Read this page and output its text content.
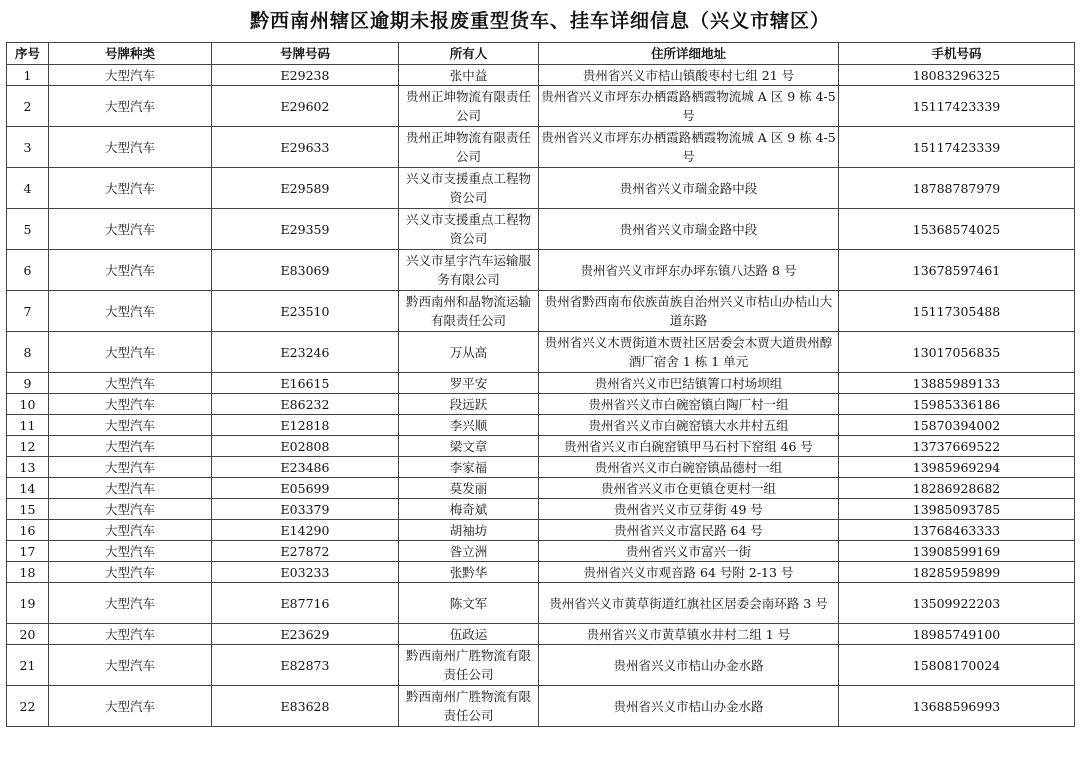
黔西南州辖区逾期未报废重型货车、挂车详细信息（兴义市辖区）
序号	号牌种类	号牌号码	所有人	住所详细地址	手机号码
1	大型汽车	E29238	张中益	贵州省兴义市桔山镇酸枣村七组 21 号	18083296325
2	大型汽车	E29602	贵州正坤物流有限责任公司	贵州省兴义市坪东办栖霞路栖霞物流城 A 区 9 栋 4-5 号	15117423339
3	大型汽车	E29633	贵州正坤物流有限责任公司	贵州省兴义市坪东办栖霞路栖霞物流城 A 区 9 栋 4-5 号	15117423339
4	大型汽车	E29589	兴义市支援重点工程物资公司	贵州省兴义市瑞金路中段	18788787979
5	大型汽车	E29359	兴义市支援重点工程物资公司	贵州省兴义市瑞金路中段	15368574025
6	大型汽车	E83069	兴义市星宇汽车运输服务有限公司	贵州省兴义市坪东办坪东镇八达路 8 号	13678597461
7	大型汽车	E23510	黔西南州和晶物流运输有限责任公司	贵州省黔西南布依族苗族自治州兴义市桔山办桔山大道东路	15117305488
8	大型汽车	E23246	万从高	贵州省兴义木贾街道木贾社区居委会木贾大道贵州醇酒厂宿舍 1 栋 1 单元	13017056835
9	大型汽车	E16615	罗平安	贵州省兴义市巴结镇箐口村场坝组	13885989133
10	大型汽车	E86232	段远跃	贵州省兴义市白碗窑镇白陶厂村一组	15985336186
11	大型汽车	E12818	李兴顺	贵州省兴义市白碗窑镇大水井村五组	15870394002
12	大型汽车	E02808	梁文章	贵州省兴义市白碗窑镇甲马石村下窑组 46 号	13737669522
13	大型汽车	E23486	李家福	贵州省兴义市白碗窑镇品德村一组	13985969294
14	大型汽车	E05699	莫发丽	贵州省兴义市仓更镇仓更村一组	18286928682
15	大型汽车	E03379	梅奇斌	贵州省兴义市豆芽街 49 号	13985093785
16	大型汽车	E14290	胡袖坊	贵州省兴义市富民路 64 号	13768463333
17	大型汽车	E27872	昝立洲	贵州省兴义市富兴一街	13908599169
18	大型汽车	E03233	张黔华	贵州省兴义市观音路 64 号附 2-13 号	18285959899
19	大型汽车	E87716	陈文军	贵州省兴义市黄草街道红旗社区居委会南环路 3 号	13509922203
20	大型汽车	E23629	伍政运	贵州省兴义市黄草镇水井村二组 1 号	18985749100
21	大型汽车	E82873	黔西南州广胜物流有限责任公司	贵州省兴义市桔山办金水路	15808170024
22	大型汽车	E83628	黔西南州广胜物流有限责任公司	贵州省兴义市桔山办金水路	13688596993
